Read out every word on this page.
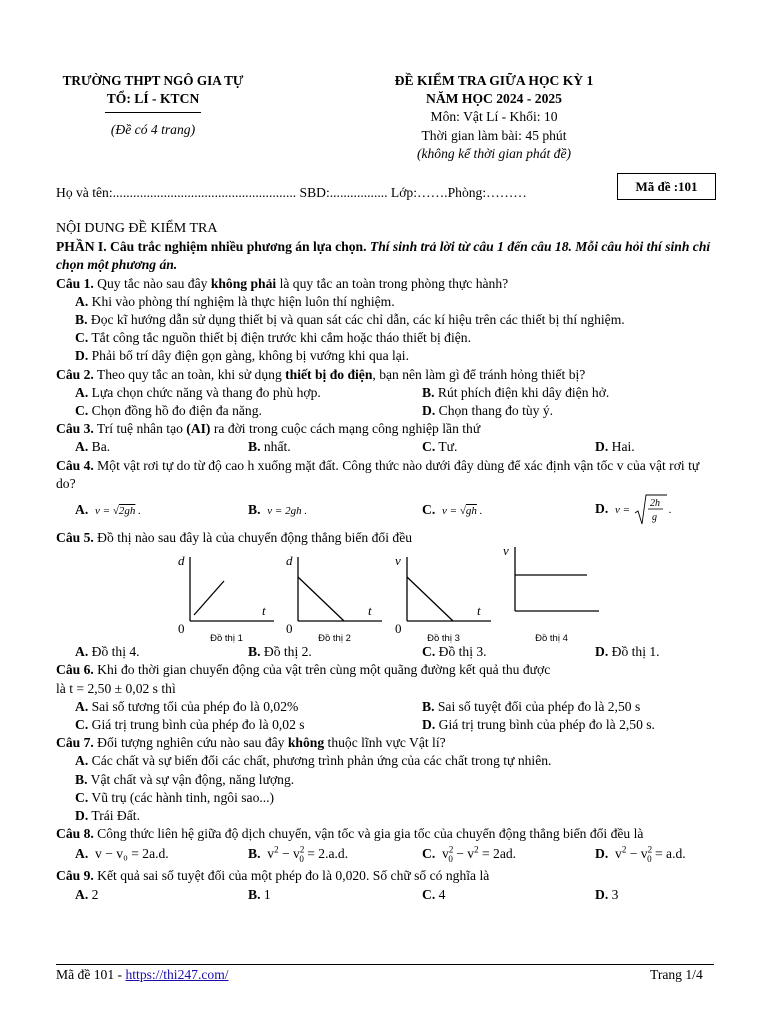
TRƯỜNG THPT NGÔ GIA TỰ
TỔ: LÍ - KTCN
(Đề có 4 trang)
ĐỀ KIỂM TRA GIỮA HỌC KỲ 1
NĂM HỌC 2024 - 2025
Môn: Vật Lí - Khối: 10
Thời gian làm bài: 45 phút
(không kể thời gian phát đề)
Họ và tên:...................................................... SBD:................. Lớp:…….Phòng:………	Mã đề :101

NỘI DUNG ĐỀ KIỂM TRA

PHẦN I. Câu trắc nghiệm nhiều phương án lựa chọn. Thí sinh trả lời từ câu 1 đến câu 18. Mỗi câu hỏi thí sinh chỉ chọn một phương án.

Câu 1. Quy tắc nào sau đây không phải là quy tắc an toàn trong phòng thực hành?

A. Khi vào phòng thí nghiệm là thực hiện luôn thí nghiệm.

B. Đọc kĩ hướng dẫn sử dụng thiết bị và quan sát các chỉ dẫn, các kí hiệu trên các thiết bị thí nghiệm.

C. Tắt công tắc nguồn thiết bị điện trước khi cắm hoặc tháo thiết bị điện.

D. Phải bố trí dây điện gọn gàng, không bị vướng khi qua lại.

Câu 2. Theo quy tắc an toàn, khi sử dụng thiết bị đo điện, bạn nên làm gì để tránh hỏng thiết bị?

A. Lựa chọn chức năng và thang đo phù hợp.	B. Rút phích điện khi dây điện hở.
C. Chọn đồng hồ đo điện đa năng.	D. Chọn thang đo tùy ý.

Câu 3. Trí tuệ nhân tạo (AI) ra đời trong cuộc cách mạng công nghiệp lần thứ

A. Ba.	B. nhất.	C. Tư.	D. Hai.

Câu 4. Một vật rơi tự do từ độ cao h xuống mặt đất. Công thức nào dưới đây dùng để xác định vận tốc v của vật rơi tự do?

A. v = √2gh .	B. v = 2gh .	C. v = √gh .	D. v =
2h
g
.

Câu 5. Đồ thị nào sau đây là của chuyển động thẳng biến đổi đều

d
t
0
Đồ thị 1
d
t
0
Đồ thị 2
v
t
0
Đồ thị 3
v
Đồ thị 4
A. Đồ thị 4.	B. Đồ thị 2.	C. Đồ thị 3.	D. Đồ thị 1.

Câu 6. Khi đo thời gian chuyển động của vật trên cùng một quãng đường kết quả thu được

là t = 2,50 ± 0,02 s thì

A. Sai số tương tối của phép đo là 0,02%	B. Sai số tuyệt đối của phép đo là 2,50 s
C. Giá trị trung bình của phép đo là 0,02 s	D. Giá trị trung bình của phép đo là 2,50 s.

Câu 7. Đối tượng nghiên cứu nào sau đây không thuộc lĩnh vực Vật lí?

A. Các chất và sự biến đổi các chất, phương trình phản ứng của các chất trong tự nhiên.

B. Vật chất và sự vận động, năng lượng.

C. Vũ trụ (các hành tinh, ngôi sao...)

D. Trái Đất.

Câu 8. Công thức liên hệ giữa độ dịch chuyển, vận tốc và gia gia tốc của chuyển động thẳng biến đổi đều là

A. v − v₀ = 2a.d.	B. $v^2 - v^2_0 = 2.a.d$.	C. $v^2_0 - v^2 = 2ad$.	D. $v^2 - v^2_0 = a.d$.

Câu 9. Kết quả sai số tuyệt đối của một phép đo là 0,020. Số chữ số có nghĩa là

A. 2	B. 1	C. 4	D. 3
Mã đề 101 - https://thi247.com/	Trang 1/4
